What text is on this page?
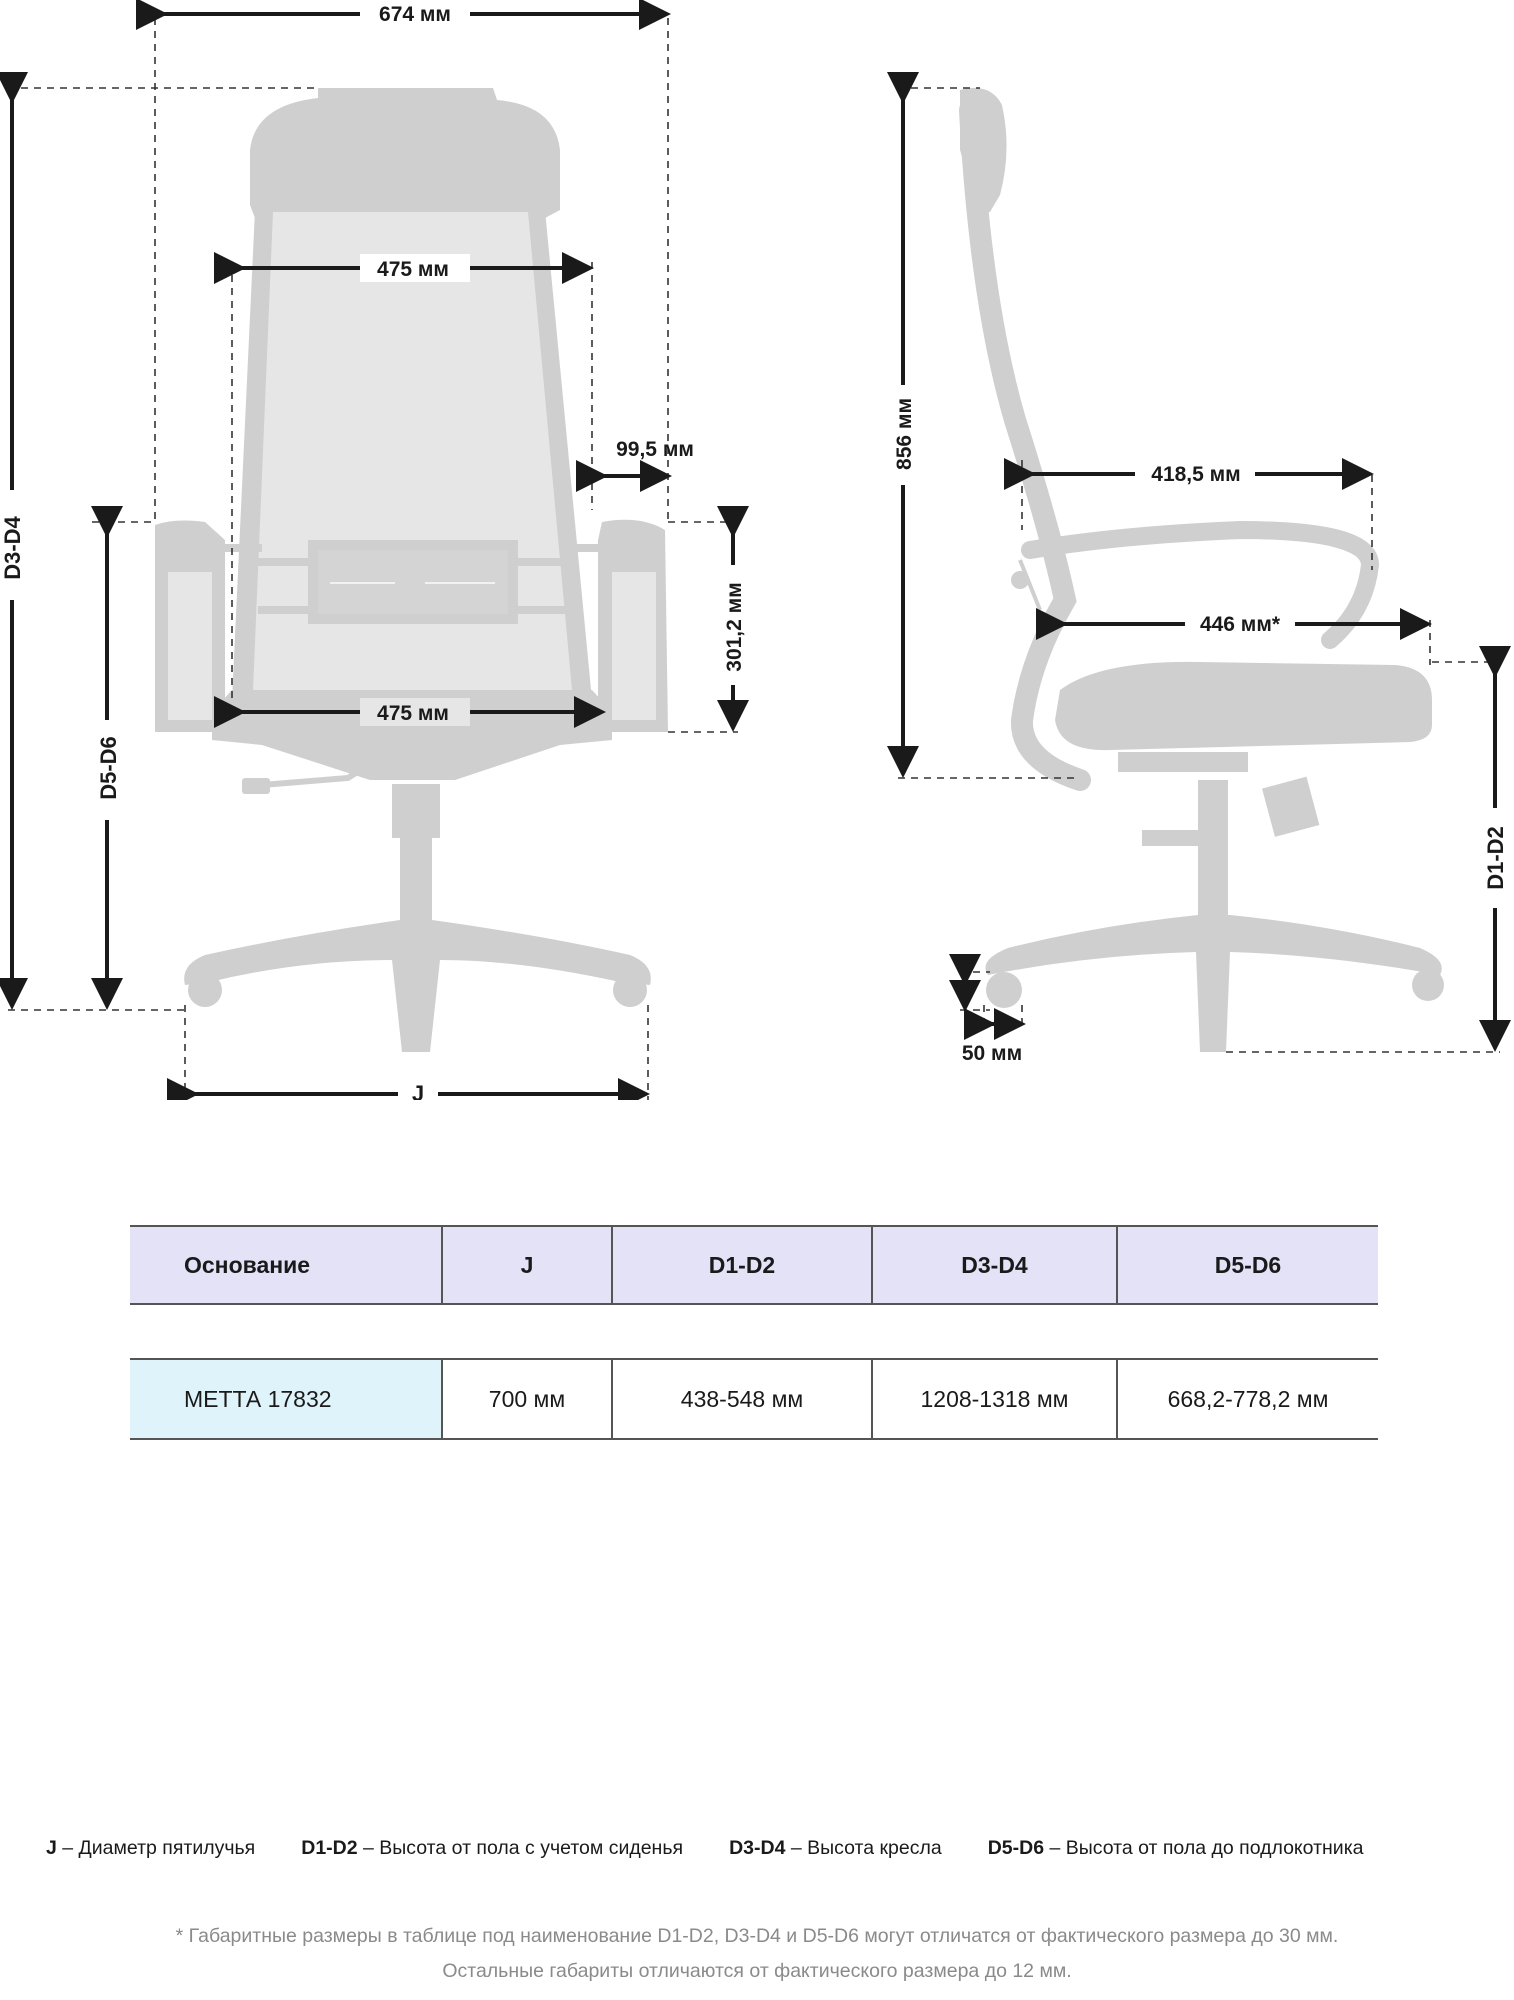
674 мм
475 мм
475 мм
99,5 мм
301,2 мм
D3-D4
D5-D6
J
856 мм
418,5 мм
446 мм*
D1-D2
50 мм
Основание	J	D1-D2	D3-D4	D5-D6
МЕТТА 17832	700 мм	438-548 мм	1208-1318 мм	668,2-778,2 мм
J – Диаметр пятилучья D1-D2 – Высота от пола с учетом сиденья D3-D4 – Высота кресла D5-D6 – Высота от пола до подлокотника
* Габаритные размеры в таблице под наименование D1-D2, D3-D4 и D5-D6 могут отличатся от фактического размера до 30 мм.
Остальные габариты отличаются от фактического размера до 12 мм.
